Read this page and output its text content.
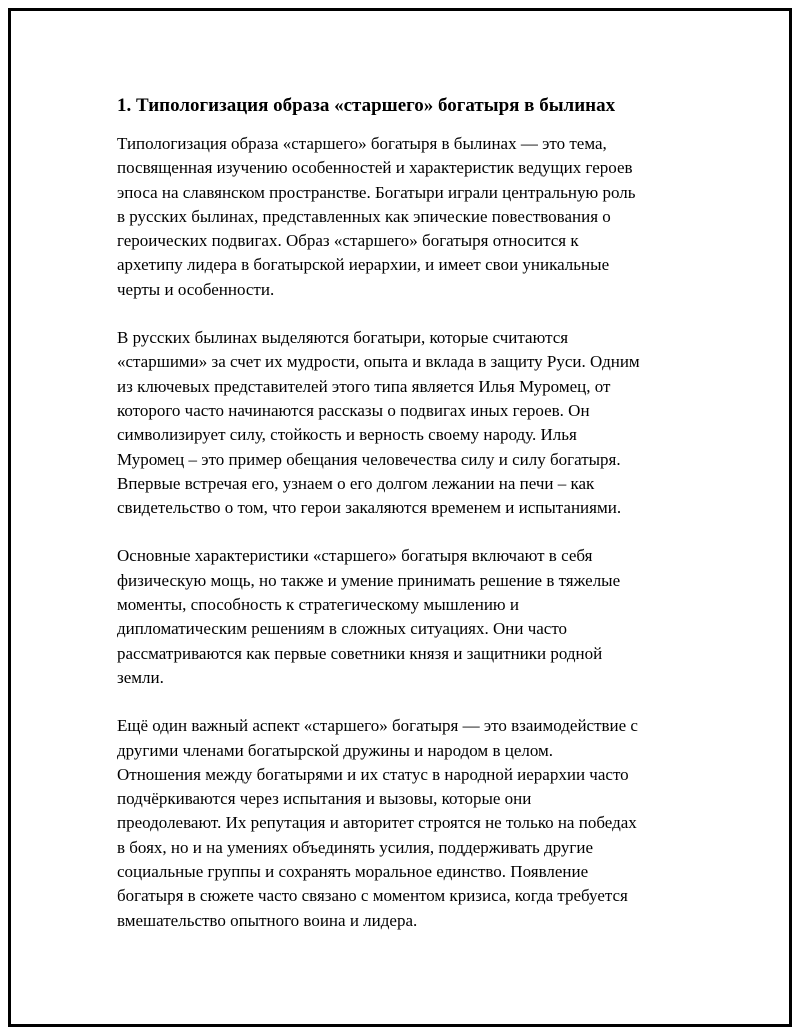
1. Типологизация образа «старшего» богатыря в былинах
Типологизация образа «старшего» богатыря в былинах — это тема,
посвященная изучению особенностей и характеристик ведущих героев
эпоса на славянском пространстве. Богатыри играли центральную роль
в русских былинах, представленных как эпические повествования о
героических подвигах. Образ «старшего» богатыря относится к
архетипу лидера в богатырской иерархии, и имеет свои уникальные
черты и особенности.
В русских былинах выделяются богатыри, которые считаются
«старшими» за счет их мудрости, опыта и вклада в защиту Руси. Одним
из ключевых представителей этого типа является Илья Муромец, от
которого часто начинаются рассказы о подвигах иных героев. Он
символизирует силу, стойкость и верность своему народу. Илья
Муромец – это пример обещания человечества силу и силу богатыря.
Впервые встречая его, узнаем о его долгом лежании на печи – как
свидетельство о том, что герои закаляются временем и испытаниями.
Основные характеристики «старшего» богатыря включают в себя
физическую мощь, но также и умение принимать решение в тяжелые
моменты, способность к стратегическому мышлению и
дипломатическим решениям в сложных ситуациях. Они часто
рассматриваются как первые советники князя и защитники родной
земли.
Ещё один важный аспект «старшего» богатыря — это взаимодействие с
другими членами богатырской дружины и народом в целом.
Отношения между богатырями и их статус в народной иерархии часто
подчёркиваются через испытания и вызовы, которые они
преодолевают. Их репутация и авторитет строятся не только на победах
в боях, но и на умениях объединять усилия, поддерживать другие
социальные группы и сохранять моральное единство. Появление
богатыря в сюжете часто связано с моментом кризиса, когда требуется
вмешательство опытного воина и лидера.
